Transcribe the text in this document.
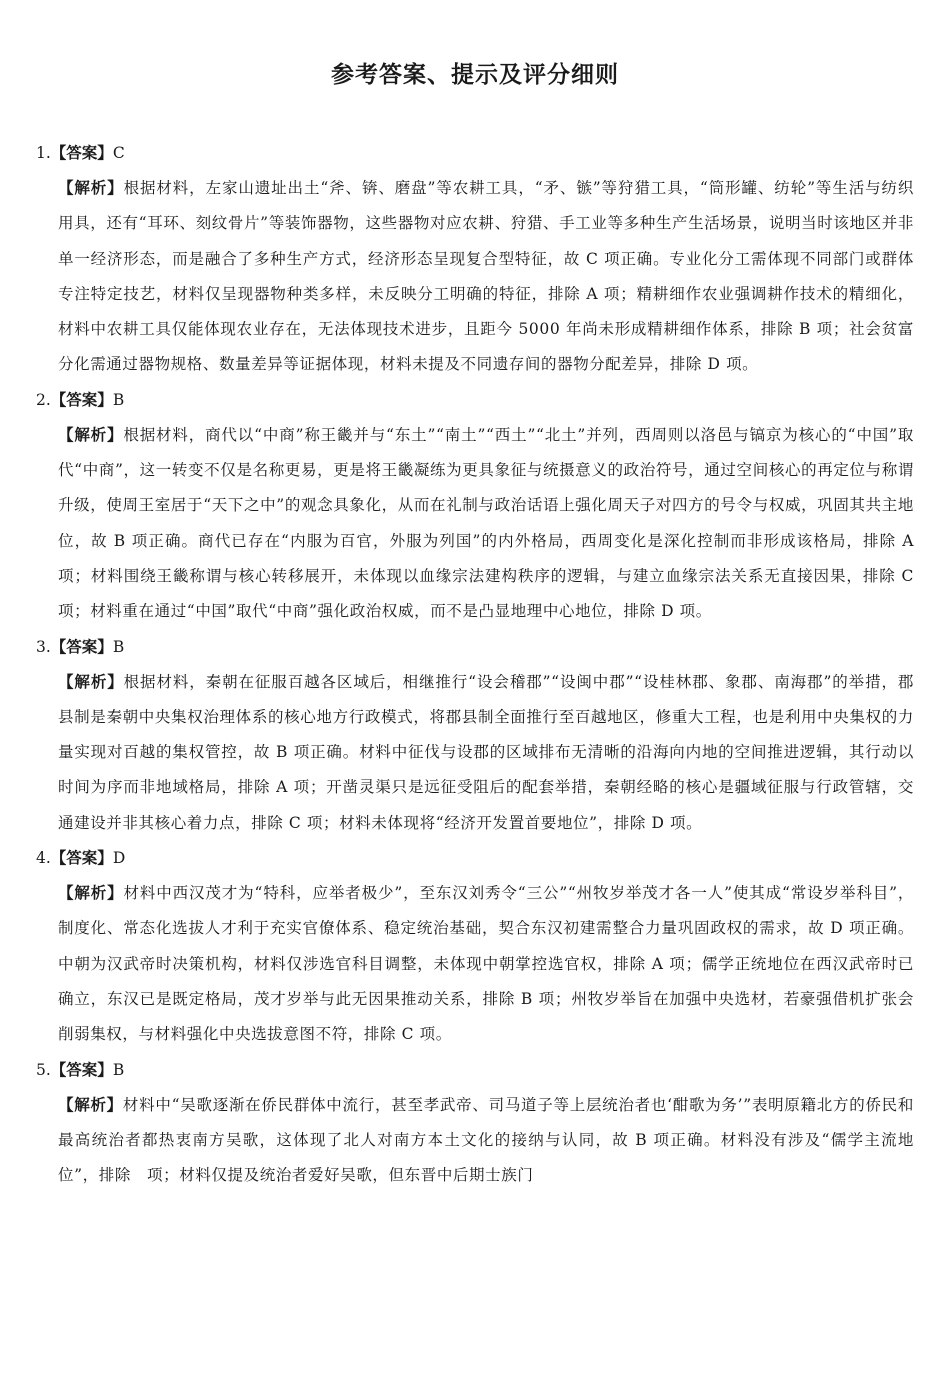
参考答案、提示及评分细则
1.【答案】C

【解析】根据材料，左家山遗址出土“斧、锛、磨盘”等农耕工具，“矛、镞”等狩猎工具，“筒形罐、纺轮”等生活与纺织用具，还有“耳环、刻纹骨片”等装饰器物，这些器物对应农耕、狩猎、手工业等多种生产生活场景，说明当时该地区并非单一经济形态，而是融合了多种生产方式，经济形态呈现复合型特征，故 C 项正确。专业化分工需体现不同部门或群体专注特定技艺，材料仅呈现器物种类多样，未反映分工明确的特征，排除 A 项；精耕细作农业强调耕作技术的精细化，材料中农耕工具仅能体现农业存在，无法体现技术进步，且距今 5000 年尚未形成精耕细作体系，排除 B 项；社会贫富分化需通过器物规格、数量差异等证据体现，材料未提及不同遗存间的器物分配差异，排除 D 项。

2.【答案】B

【解析】根据材料，商代以“中商”称王畿并与“东土”“南土”“西土”“北土”并列，西周则以洛邑与镐京为核心的“中国”取代“中商”，这一转变不仅是名称更易，更是将王畿凝练为更具象征与统摄意义的政治符号，通过空间核心的再定位与称谓升级，使周王室居于“天下之中”的观念具象化，从而在礼制与政治话语上强化周天子对四方的号令与权威，巩固其共主地位，故 B 项正确。商代已存在“内服为百官，外服为列国”的内外格局，西周变化是深化控制而非形成该格局，排除 A 项；材料围绕王畿称谓与核心转移展开，未体现以血缘宗法建构秩序的逻辑，与建立血缘宗法关系无直接因果，排除 C 项；材料重在通过“中国”取代“中商”强化政治权威，而不是凸显地理中心地位，排除 D 项。

3.【答案】B

【解析】根据材料，秦朝在征服百越各区域后，相继推行“设会稽郡”“设闽中郡”“设桂林郡、象郡、南海郡”的举措，郡县制是秦朝中央集权治理体系的核心地方行政模式，将郡县制全面推行至百越地区，修重大工程，也是利用中央集权的力量实现对百越的集权管控，故 B 项正确。材料中征伐与设郡的区域排布无清晰的沿海向内地的空间推进逻辑，其行动以时间为序而非地域格局，排除 A 项；开凿灵渠只是远征受阻后的配套举措，秦朝经略的核心是疆域征服与行政管辖，交通建设并非其核心着力点，排除 C 项；材料未体现将“经济开发置首要地位”，排除 D 项。

4.【答案】D

【解析】材料中西汉茂才为“特科，应举者极少”，至东汉刘秀令“三公”“州牧岁举茂才各一人”使其成“常设岁举科目”，制度化、常态化选拔人才利于充实官僚体系、稳定统治基础，契合东汉初建需整合力量巩固政权的需求，故 D 项正确。中朝为汉武帝时决策机构，材料仅涉选官科目调整，未体现中朝掌控选官权，排除 A 项；儒学正统地位在西汉武帝时已确立，东汉已是既定格局，茂才岁举与此无因果推动关系，排除 B 项；州牧岁举旨在加强中央选材，若豪强借机扩张会削弱集权，与材料强化中央选拔意图不符，排除 C 项。

5.【答案】B

【解析】材料中“吴歌逐渐在侨民群体中流行，甚至孝武帝、司马道子等上层统治者也‘酣歌为务’”表明原籍北方的侨民和最高统治者都热衷南方吴歌，这体现了北人对南方本土文化的接纳与认同，故 B 项正确。材料没有涉及“儒学主流地位”，排除　项；材料仅提及统治者爱好吴歌，但东晋中后期士族门
